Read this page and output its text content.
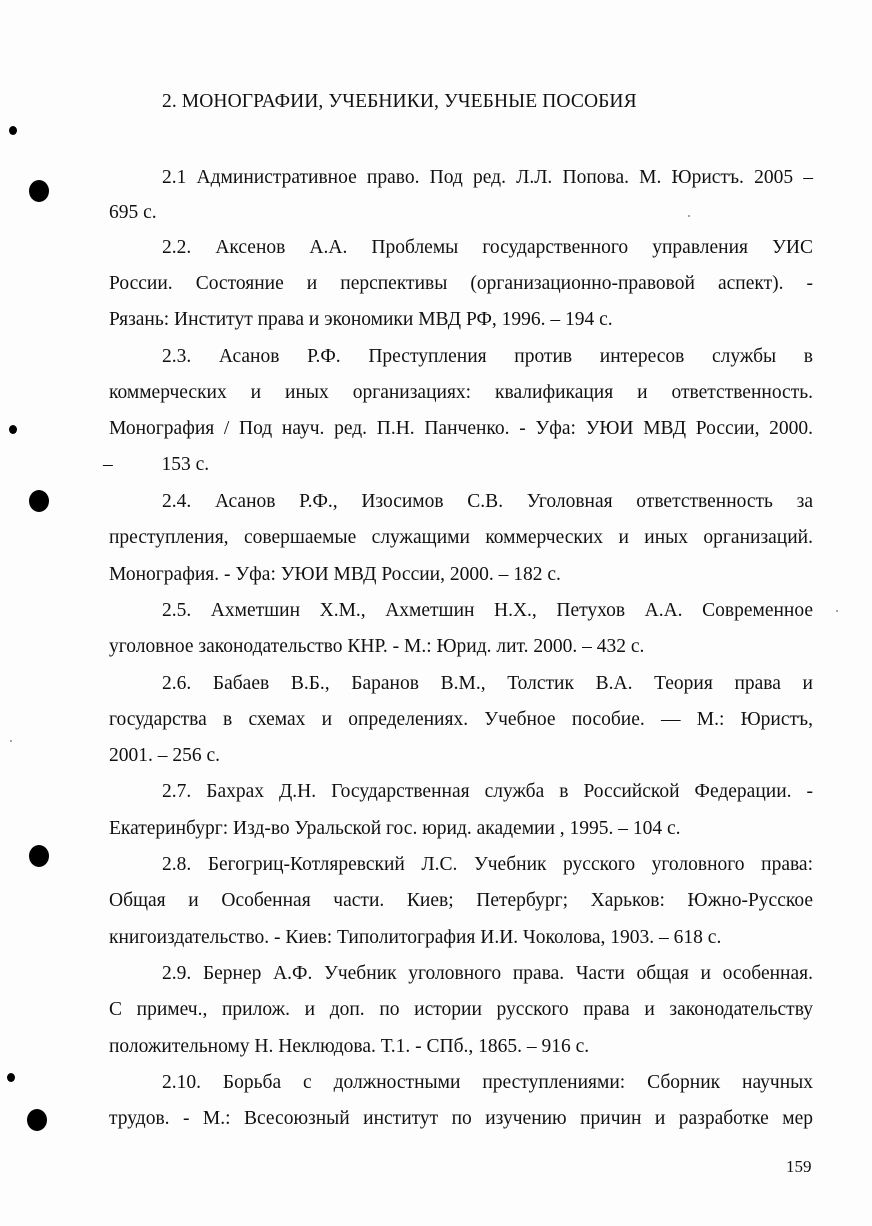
2. МОНОГРАФИИ, УЧЕБНИКИ, УЧЕБНЫЕ ПОСОБИЯ
2.1 Административное право. Под ред. Л.Л. Попова. М. Юристъ. 2005 –
695 с.
2.2. Аксенов А.А. Проблемы государственного управления УИС
России. Состояние и перспективы (организационно-правовой аспект). -
Рязань: Институт права и экономики МВД РФ, 1996. – 194 с.
2.3. Асанов Р.Ф. Преступления против интересов службы в
коммерческих и иных организациях: квалификация и ответственность.
Монография / Под науч. ред. П.Н. Панченко. - Уфа: УЮИ МВД России, 2000.
–          153 с.
2.4. Асанов Р.Ф., Изосимов С.В. Уголовная ответственность за
преступления, совершаемые служащими коммерческих и иных организаций.
Монография. - Уфа: УЮИ МВД России, 2000. – 182 с.
2.5. Ахметшин Х.М., Ахметшин Н.Х., Петухов А.А. Современное
уголовное законодательство КНР. - М.: Юрид. лит. 2000. – 432 с.
2.6. Бабаев В.Б., Баранов В.М., Толстик В.А. Теория права и
государства в схемах и определениях. Учебное пособие. — М.: Юристъ,
2001. – 256 с.
2.7. Бахрах Д.Н. Государственная служба в Российской Федерации. -
Екатеринбург: Изд-во Уральской гос. юрид. академии , 1995. – 104 с.
2.8. Бегогриц-Котляревский Л.С. Учебник русского уголовного права:
Общая и Особенная части. Киев; Петербург; Харьков: Южно-Русское
книгоиздательство. - Киев: Типолитография И.И. Чоколова, 1903. – 618 с.
2.9. Бернер А.Ф. Учебник уголовного права. Части общая и особенная.
С примеч., прилож. и доп. по истории русского права и законодательству
положительному Н. Неклюдова. Т.1. - СПб., 1865. – 916 с.
2.10. Борьба с должностными преступлениями: Сборник научных
трудов. - М.: Всесоюзный институт по изучению причин и разработке мер
159
